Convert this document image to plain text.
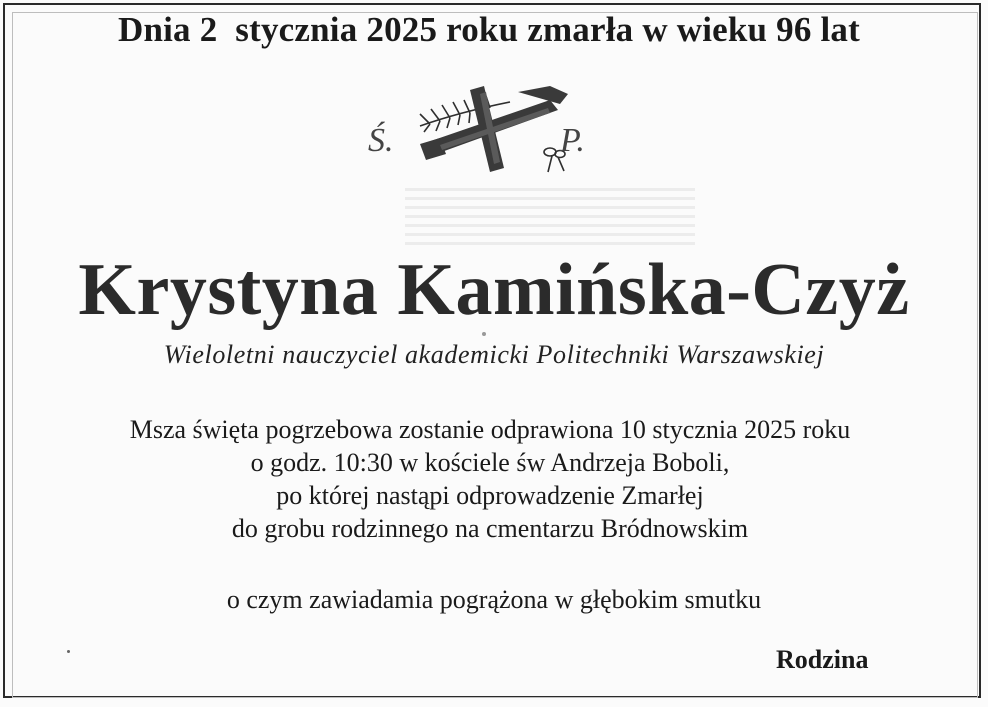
Dnia 2  stycznia 2025 roku zmarła w wieku 96 lat
Ś.	P.
Krystyna Kamińska-Czyż
Wieloletni nauczyciel akademicki Politechniki Warszawskiej
Msza święta pogrzebowa zostanie odprawiona 10 stycznia 2025 roku
o godz. 10:30 w kościele św Andrzeja Boboli,
po której nastąpi odprowadzenie Zmarłej
do grobu rodzinnego na cmentarzu Bródnowskim
o czym zawiadamia pogrążona w głębokim smutku
Rodzina
